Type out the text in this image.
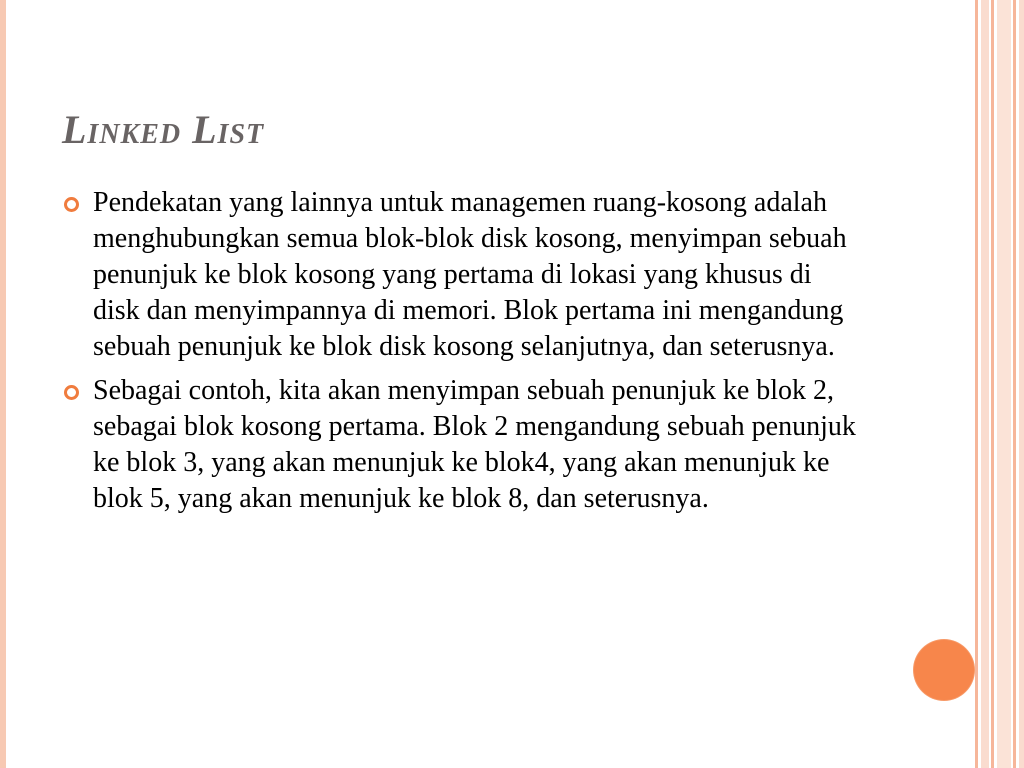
Linked List
Pendekatan yang lainnya untuk managemen ruang-kosong adalah menghubungkan semua blok-blok disk kosong, menyimpan sebuah penunjuk ke blok kosong yang pertama di lokasi yang khusus di disk dan menyimpannya di memori. Blok pertama ini mengandung sebuah penunjuk ke blok disk kosong selanjutnya, dan seterusnya.
Sebagai contoh, kita akan menyimpan sebuah penunjuk ke blok 2, sebagai blok kosong pertama. Blok 2 mengandung sebuah penunjuk ke blok 3, yang akan menunjuk ke blok4, yang akan menunjuk ke blok 5, yang akan menunjuk ke blok 8, dan seterusnya.
